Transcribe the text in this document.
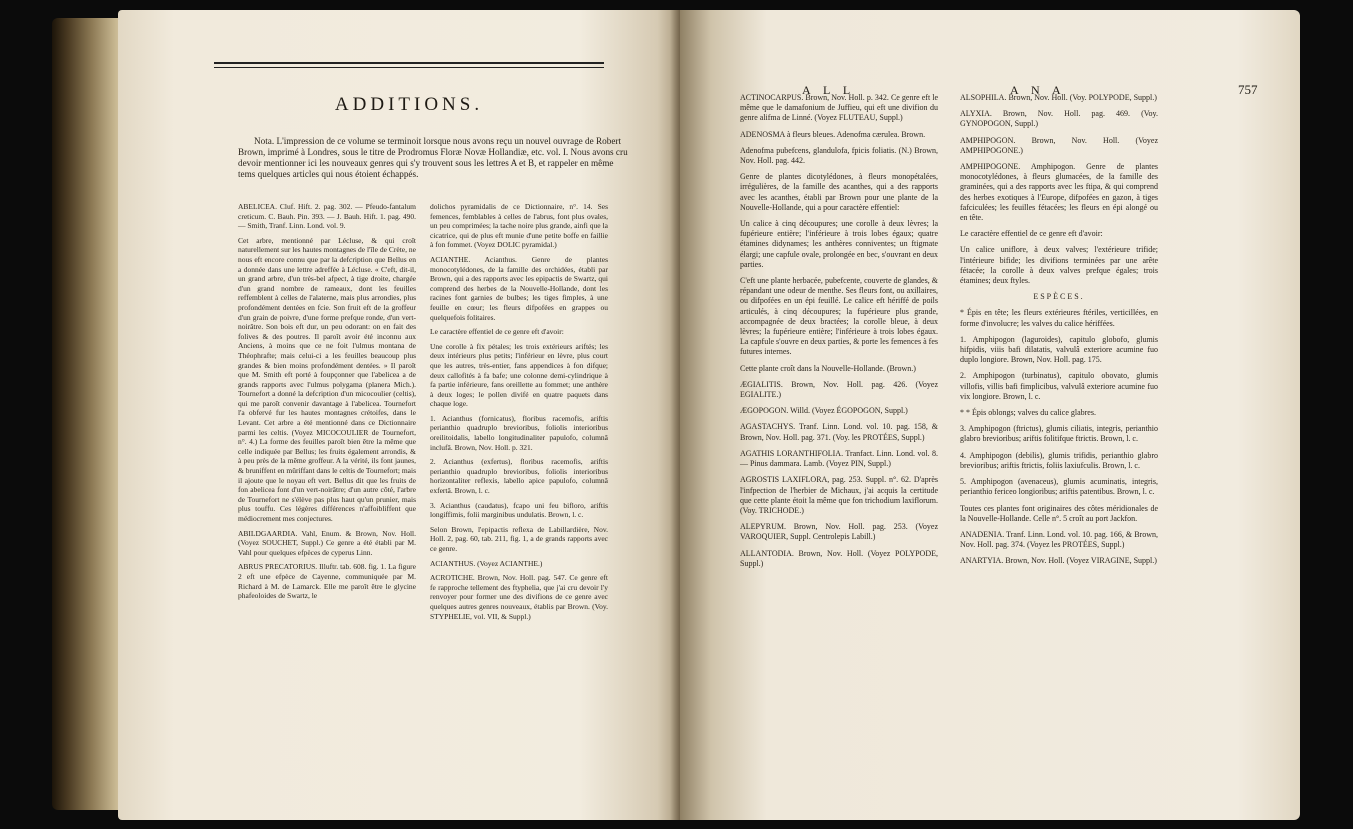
ADDITIONS.

Nota. L'impression de ce volume se terminoit lorsque nous avons reçu un nouvel ouvrage de Robert Brown, imprimé à Londres, sous le titre de Prodromus Floræ Novæ Hollandiæ, etc. vol. I. Nous avons cru devoir mentionner ici les nouveaux genres qui s'y trouvent sous les lettres A et B, et rappeler en même tems quelques articles qui nous étoient échappés.

ABELICEA. Cluf. Hift. 2. pag. 302. — Pfeudo-fantalum creticum. C. Bauh. Pin. 393. — J. Bauh. Hift. 1. pag. 490. — Smith, Tranf. Linn. Lond. vol. 9.

Cet arbre, mentionné par Lécluse, & qui croît naturellement sur les hautes montagnes de l'île de Crète, ne nous eft encore connu que par la defcription que Bellus en a donnée dans une lettre adreffée à Lécluse. « C'eft, dit-il, un grand arbre, d'un très-bel afpect, à tige droite, chargée d'un grand nombre de rameaux, dont les feuilles reffemblent à celles de l'alaterne, mais plus arrondies, plus profondément dentées en fcie. Son fruit eft de la groffeur d'un grain de poivre, d'une forme prefque ronde, d'un vert-noirâtre. Son bois eft dur, un peu odorant: on en fait des folives & des poutres. Il paroît avoir été inconnu aux Anciens, à moins que ce ne foit l'ulmus montana de Théophrafte; mais celui-ci a les feuilles beaucoup plus grandes & bien moins profondément dentées. » Il paroît que M. Smith eft porté à foupçonner que l'abelicea a de grands rapports avec l'ulmus polygama (planera Mich.). Tournefort a donné la defcription d'un micocoulier (celtis), qui me paroît convenir davantage à l'abelicea. Tournefort l'a obfervé fur les hautes montagnes crétoifes, dans le Levant. Cet arbre a été mentionné dans ce Dictionnaire parmi les celtis. (Voyez MICOCOULIER de Tournefort, n°. 4.) La forme des feuilles paroît bien être la même que celle indiquée par Bellus; les fruits également arrondis, & à peu près de la même groffeur. A la vérité, ils font jaunes, & bruniffent en mûriffant dans le celtis de Tournefort; mais il ajoute que le noyau eft vert. Bellus dit que les fruits de fon abelicea font d'un vert-noirâtre; d'un autre côté, l'arbre de Tournefort ne s'élève pas plus haut qu'un prunier, mais plus touffu. Ces légères différences n'affoibliffent que médiocrement mes conjectures.

ABILDGAARDIA. Vahl, Enum. & Brown, Nov. Holl. (Voyez SOUCHET, Suppl.) Ce genre a été établi par M. Vahl pour quelques efpèces de cyperus Linn.

ABRUS PRECATORIUS. Illuftr. tab. 608. fig. 1. La figure 2 eft une efpèce de Cayenne, communiquée par M. Richard à M. de Lamarck. Elle me paroît être le glycine phafeoloides de Swartz, le

dolichos pyramidalis de ce Dictionnaire, n°. 14. Ses femences, femblables à celles de l'abrus, font plus ovales, un peu comprimées; la tache noire plus grande, ainfi que la cicatrice, qui de plus eft munie d'une petite boffe en faillie à fon fommet. (Voyez DOLIC pyramidal.)

ACIANTHE. Acianthus. Genre de plantes monocotylédones, de la famille des orchidées, établi par Brown, qui a des rapports avec les epipactis de Swartz, qui comprend des herbes de la Nouvelle-Hollande, dont les racines font garnies de bulbes; les tiges fimples, à une feuille en cœur; les fleurs difpofées en grappes ou quelquefois folitaires.

Le caractère effentiel de ce genre eft d'avoir:

Une corolle à fix pétales; les trois extérieurs ariftés; les deux intérieurs plus petits; l'inférieur en lèvre, plus court que les autres, très-entier, fans appendices à fon difque; deux callofités à fa bafe; une colonne demi-cylindrique à fa partie inférieure, fans oreillette au fommet; une anthère à deux loges; le pollen divifé en quatre paquets dans chaque loge.

1. Acianthus (fornicatus), floribus racemofis, ariftis perianthio quadruplo brevioribus, foliolis interioribus oreilitoidalis, labello longitudinaliter papulofo, columnâ inclufâ. Brown, Nov. Holl. p. 321.

2. Acianthus (exfertus), floribus racemofis, ariftis perianthio quadruplo brevioribus, foliolis interioribus horizontaliter reflexis, labello apice papulofo, columnâ exfertâ. Brown, l. c.

3. Acianthus (caudatus), fcapo uni feu bifloro, ariftis longiffimis, folii marginibus undulatis. Brown, l. c.

Selon Brown, l'epipactis reflexa de Labillardière, Nov. Holl. 2, pag. 60, tab. 211, fig. 1, a de grands rapports avec ce genre.

ACIANTHUS. (Voyez ACIANTHE.)

ACROTICHE. Brown, Nov. Holl. pag. 547. Ce genre eft fe rapproche tellement des ftyphelia, que j'ai cru devoir l'y renvoyer pour former une des divifions de ce genre avec quelques autres genres nouveaux, établis par Brown. (Voy. STYPHELIE, vol. VII, & Suppl.)

A L L	A N A	757

ACTINOCARPUS. Brown, Nov. Holl. p. 342. Ce genre eft le même que le damafonium de Juffieu, qui eft une divifion du genre alifma de Linné. (Voyez FLUTEAU, Suppl.)

ADENOSMA à fleurs bleues. Adenofma cærulea. Brown.

Adenofma pubefcens, glandulofa, fpicis foliatis. (N.) Brown, Nov. Holl. pag. 442.

Genre de plantes dicotylédones, à fleurs monopétalées, irrégulières, de la famille des acanthes, qui a des rapports avec les acanthes, établi par Brown pour une plante de la Nouvelle-Hollande, qui a pour caractère effentiel:

Un calice à cinq découpures; une corolle à deux lèvres; la fupérieure entière; l'inférieure à trois lobes égaux; quatre étamines didynames; les anthères conniventes; un ftigmate élargi; une capfule ovale, prolongée en bec, s'ouvrant en deux parties.

C'eft une plante herbacée, pubefcente, couverte de glandes, & répandant une odeur de menthe. Ses fleurs font, ou axillaires, ou difpofées en un épi feuillé. Le calice eft hériffé de poils articulés, à cinq découpures; la fupérieure plus grande, accompagnée de deux bractées; la corolle bleue, à deux lèvres; la fupérieure entière; l'inférieure à trois lobes égaux. La capfule s'ouvre en deux parties, & porte les femences à fes futures internes.

Cette plante croît dans la Nouvelle-Hollande. (Brown.)

ÆGIALITIS. Brown, Nov. Holl. pag. 426. (Voyez EGIALITE.)

ÆGOPOGON. Willd. (Voyez ÉGOPOGON, Suppl.)

AGASTACHYS. Tranf. Linn. Lond. vol. 10. pag. 158, & Brown, Nov. Holl. pag. 371. (Voy. les PROTÉES, Suppl.)

AGATHIS LORANTHIFOLIA. Tranfact. Linn. Lond. vol. 8. — Pinus dammara. Lamb. (Voyez PIN, Suppl.)

AGROSTIS LAXIFLORA, pag. 253. Suppl. n°. 62. D'après l'infpection de l'herbier de Michaux, j'ai acquis la certitude que cette plante étoit la même que fon trichodium laxiflorum. (Voy. TRICHODE.)

ALEPYRUM. Brown, Nov. Holl. pag. 253. (Voyez VAROQUIER, Suppl. Centrolepis Labill.)

ALLANTODIA. Brown, Nov. Holl. (Voyez POLYPODE, Suppl.)

ALSOPHILA. Brown, Nov. Holl. (Voy. POLYPODE, Suppl.)

ALYXIA. Brown, Nov. Holl. pag. 469. (Voy. GYNOPOGON, Suppl.)

AMPHIPOGON. Brown, Nov. Holl. (Voyez AMPHIPOGONE.)

AMPHIPOGONE. Amphipogon. Genre de plantes monocotylédones, à fleurs glumacées, de la famille des graminées, qui a des rapports avec les ftipa, & qui comprend des herbes exotiques à l'Europe, difpofées en gazon, à tiges fafciculées; les feuilles fétacées; les fleurs en épi alongé ou en tête.

Le caractère effentiel de ce genre eft d'avoir:

Un calice uniflore, à deux valves; l'extérieure trifide; l'intérieure bifide; les divifions terminées par une arête fétacée; la corolle à deux valves prefque égales; trois étamines; deux ftyles.

ESPÈCES.

* Épis en tête; les fleurs extérieures ftériles, verticillées, en forme d'involucre; les valves du calice hériffées.

1. Amphipogon (laguroides), capitulo globofo, glumis hifpidis, viiis bafi dilatatis, valvulâ exteriore acumine fuo duplo longiore. Brown, Nov. Holl. pag. 175.

2. Amphipogon (turbinatus), capitulo obovato, glumis villofis, villis bafi fimplicibus, valvulâ exteriore acumine fuo vix longiore. Brown, l. c.

* * Épis oblongs; valves du calice glabres.

3. Amphipogon (ftrictus), glumis ciliatis, integris, perianthio glabro brevioribus; ariftis folitifque ftrictis. Brown, l. c.

4. Amphipogon (debilis), glumis trifidis, perianthio glabro brevioribus; ariftis ftrictis, foliis laxiufculis. Brown, l. c.

5. Amphipogon (avenaceus), glumis acuminatis, integris, perianthio fericeo longioribus; ariftis patentibus. Brown, l. c.

Toutes ces plantes font originaires des côtes méridionales de la Nouvelle-Hollande. Celle n°. 5 croît au port Jackfon.

ANADENIA. Tranf. Linn. Lond. vol. 10. pag. 166, & Brown, Nov. Holl. pag. 374. (Voyez les PROTÉES, Suppl.)

ANARTYIA. Brown, Nov. Holl. (Voyez VIRAGINE, Suppl.)
